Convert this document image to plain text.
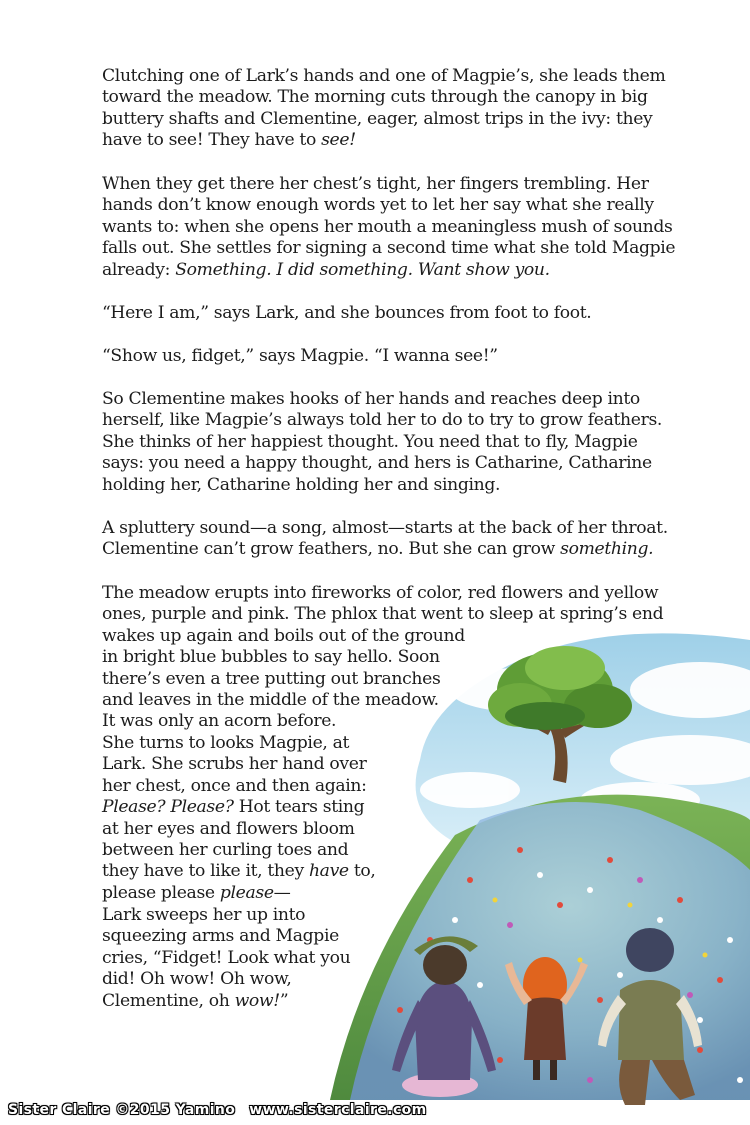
Clutching one of Lark’s hands and one of Magpie’s, she leads them
toward the meadow. The morning cuts through the canopy in big
buttery shafts and Clementine, eager, almost trips in the ivy: they
have to see! They have to see!
When they get there her chest’s tight, her fingers trembling. Her
hands don’t know enough words yet to let her say what she really
wants to: when she opens her mouth a meaningless mush of sounds
falls out. She settles for signing a second time what she told Magpie
already: Something. I did something. Want show you.
“Here I am,” says Lark, and she bounces from foot to foot.
“Show us, fidget,” says Magpie. “I wanna see!”
So Clementine makes hooks of her hands and reaches deep into
herself, like Magpie’s always told her to do to try to grow feathers.
She thinks of her happiest thought. You need that to fly, Magpie
says: you need a happy thought, and hers is Catharine, Catharine
holding her, Catharine holding her and singing.
A spluttery sound—a song, almost—starts at the back of her throat.
Clementine can’t grow feathers, no. But she can grow something.
The meadow erupts into fireworks of color, red flowers and yellow
ones, purple and pink. The phlox that went to sleep at spring’s end
wakes up again and boils out of the ground
in bright blue bubbles to say hello. Soon
there’s even a tree putting out branches
and leaves in the middle of the meadow.
It was only an acorn before.
She turns to looks Magpie, at
Lark. She scrubs her hand over
her chest, once and then again:
Please? Please? Hot tears sting
at her eyes and flowers bloom
between her curling toes and
they have to like it, they have to,
please please please—
Lark sweeps her up into
squeezing arms and Magpie
cries, “Fidget! Look what you
did! Oh wow! Oh wow,
Clementine, oh wow!”
Sister Claire ©2015 Yamino www.sisterclaire.com
